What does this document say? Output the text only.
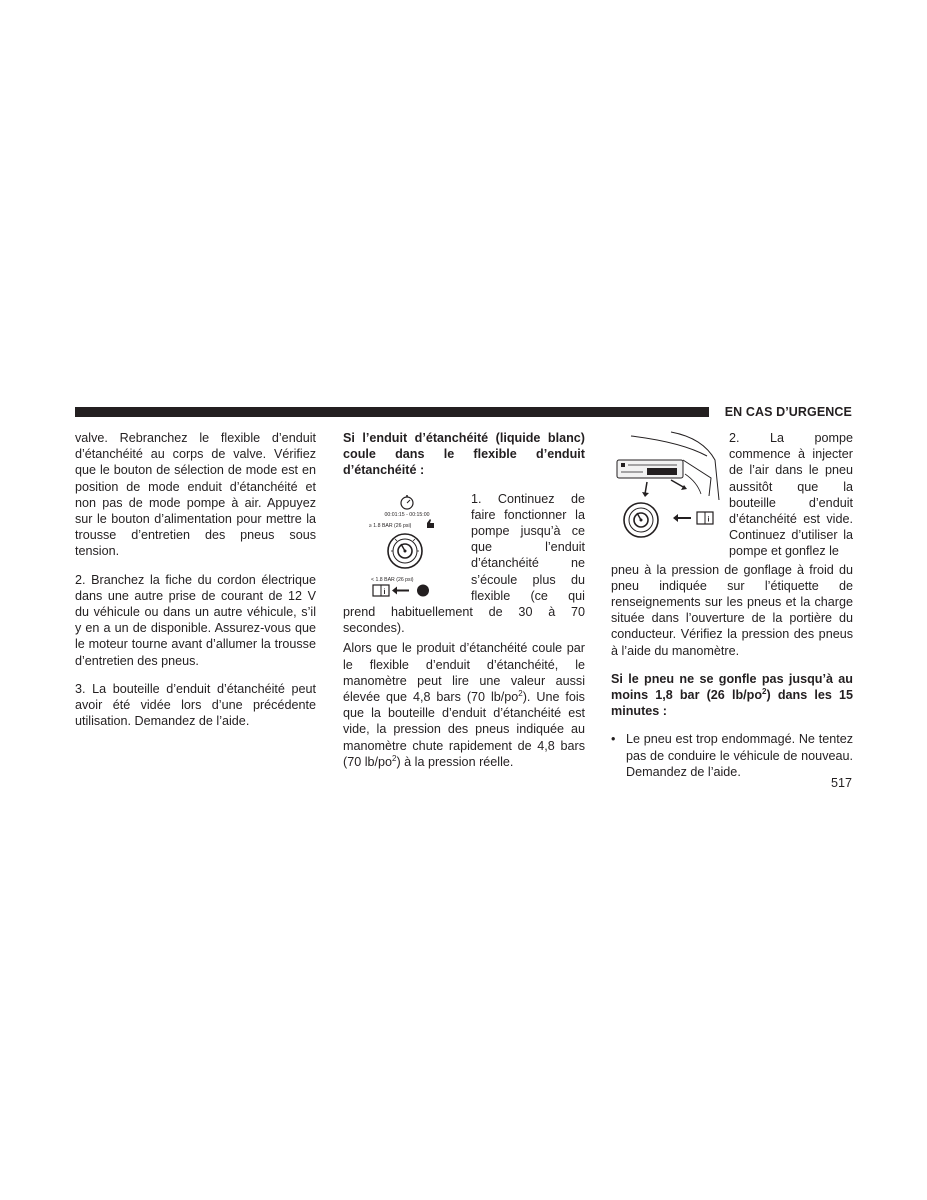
EN CAS D’URGENCE

valve. Rebranchez le flexible d’enduit d’étanchéité au corps de valve. Vérifiez que le bouton de sélection de mode est en position de mode enduit d’étanchéité et non pas de mode pompe à air. Appuyez sur le bouton d’alimentation pour mettre la trousse d’entretien des pneus sous tension.

2. Branchez la fiche du cordon électrique dans une autre prise de courant de 12 V du véhicule ou dans un autre véhicule, s’il y en a un de disponible. Assurez-vous que le moteur tourne avant d’allumer la trousse d’entretien des pneus.

3. La bouteille d’enduit d’étanchéité peut avoir été vidée lors d’une précédente utilisation. Demandez de l’aide.

Si l’enduit d’étanchéité (liquide blanc) coule dans le flexible d’enduit d’étanchéité :

00:01:15 - 00:15:00
≥ 1.8 BAR (26 psi)
< 1.8 BAR (26 psi)
i

1. Continuez de faire fonctionner la pompe jusqu’à ce que l’enduit d’étanchéité ne s’écoule plus du flexible (ce qui prend habituellement de 30 à 70 secondes).

Alors que le produit d’étanchéité coule par le flexible d’enduit d’étanchéité, le manomètre peut lire une valeur aussi élevée que 4,8 bars (70 $lb/po^2$). Une fois que la bouteille d’enduit d’étanchéité est vide, la pression des pneus indiquée au manomètre chute rapidement de 4,8 bars (70 $lb/po^2$) à la pression réelle.

i

2. La pompe commence à injecter de l’air dans le pneu aussitôt que la bouteille d’enduit d’étanchéité est vide. Continuez d’utiliser la pompe et gonflez le

pneu à la pression de gonflage à froid du pneu indiquée sur l’étiquette de renseignements sur les pneus et la charge située dans l’ouverture de la portière du conducteur. Vérifiez la pression des pneus à l’aide du manomètre.

Si le pneu ne se gonfle pas jusqu’à au moins 1,8 bar (26 $lb/po^2$) dans les 15 minutes :

• Le pneu est trop endommagé. Ne tentez pas de conduire le véhicule de nouveau. Demandez de l’aide.
517
